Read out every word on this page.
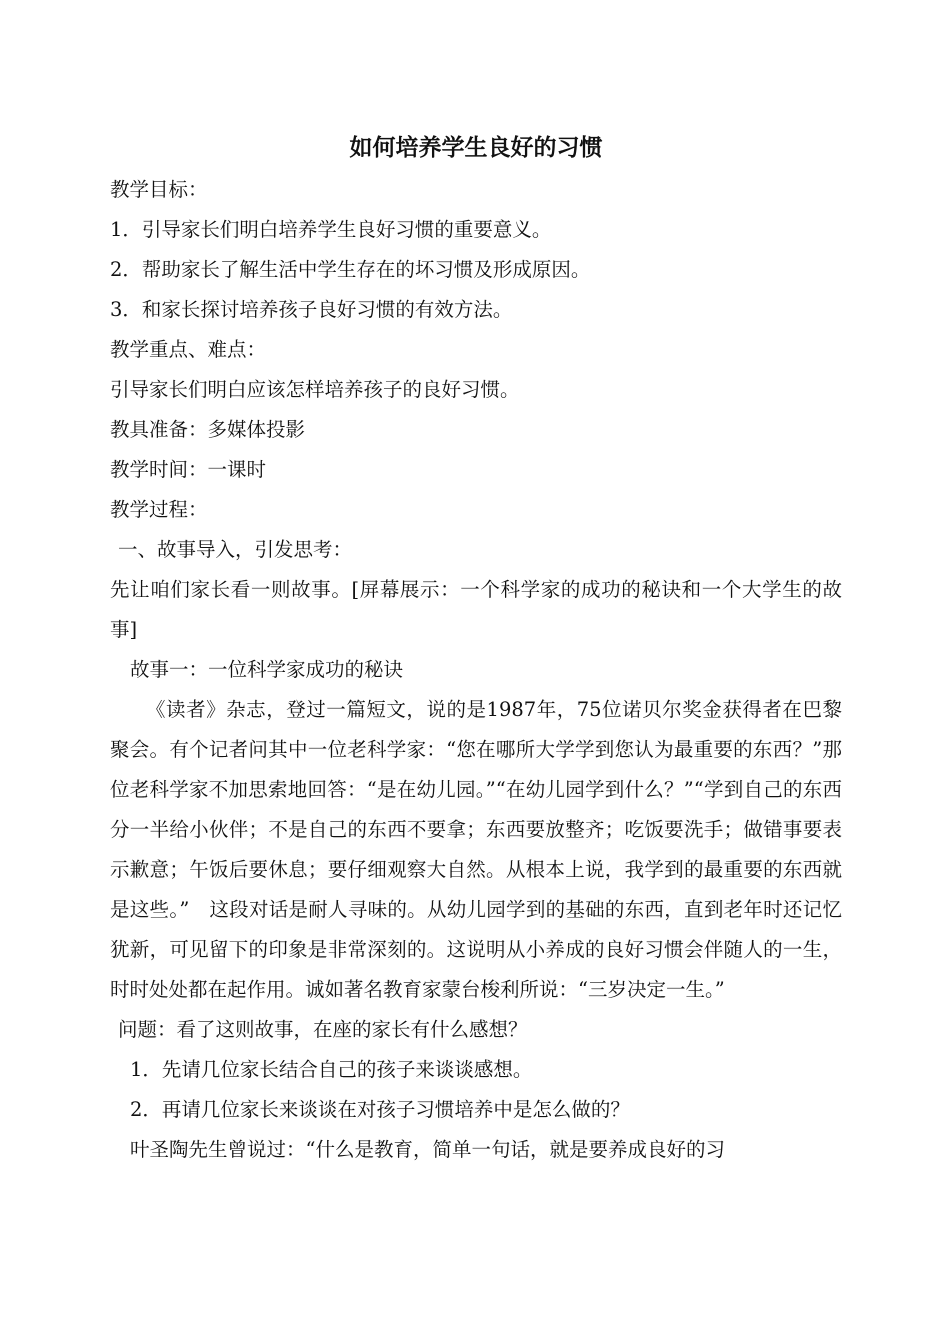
如何培养学生良好的习惯
教学目标：
1．引导家长们明白培养学生良好习惯的重要意义。
2．帮助家长了解生活中学生存在的坏习惯及形成原因。
3．和家长探讨培养孩子良好习惯的有效方法。
教学重点、难点：
引导家长们明白应该怎样培养孩子的良好习惯。
教具准备：多媒体投影
教学时间：一课时
教学过程：
一、故事导入，引发思考：

先让咱们家长看一则故事。[屏幕展示：一个科学家的成功的秘诀和一个大学生的故事]

故事一：一位科学家成功的秘诀

《读者》杂志，登过一篇短文，说的是1987年，75位诺贝尔奖金获得者在巴黎聚会。有个记者问其中一位老科学家：“您在哪所大学学到您认为最重要的东西？”那位老科学家不加思索地回答：“是在幼儿园。”“在幼儿园学到什么？”“学到自己的东西分一半给小伙伴；不是自己的东西不要拿；东西要放整齐；吃饭要洗手；做错事要表示歉意；午饭后要休息；要仔细观察大自然。从根本上说，我学到的最重要的东西就是这些。”　这段对话是耐人寻味的。从幼儿园学到的基础的东西，直到老年时还记忆犹新，可见留下的印象是非常深刻的。这说明从小养成的良好习惯会伴随人的一生，时时处处都在起作用。诚如著名教育家蒙台梭利所说：“三岁决定一生。”

问题：看了这则故事，在座的家长有什么感想？
1．先请几位家长结合自己的孩子来谈谈感想。
2．再请几位家长来谈谈在对孩子习惯培养中是怎么做的？
叶圣陶先生曾说过：“什么是教育，简单一句话，就是要养成良好的习
